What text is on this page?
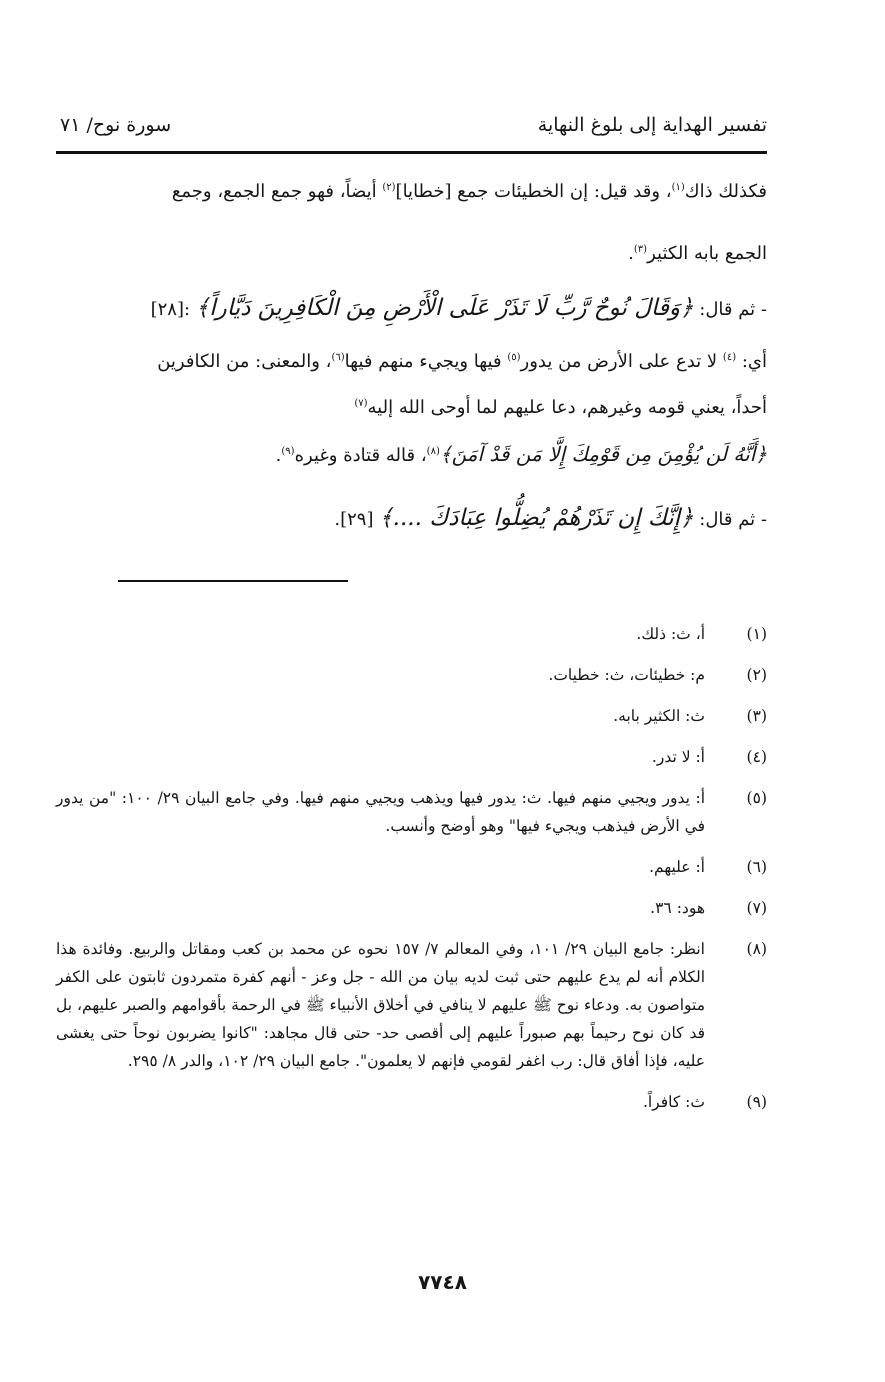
تفسير الهداية إلى بلوغ النهاية
سورة نوح/ ٧١

فكذلك ذاك$^{(١)}$، وقد قيل: إن الخطيئات جمع [خطايا]$^{(٢)}$ أيضاً، فهو جمع الجمع، وجمع

الجمع بابه الكثير$^{(٣)}$.

- ثم قال: ﴿وَقَالَ نُوحٌ رَّبِّ لَا تَذَرْ عَلَى الْأَرْضِ مِنَ الْكَافِرِينَ دَيَّاراً﴾ :[٢٨]

أي: $^{(٤)}$ لا تدع على الأرض من يدور$^{(٥)}$ فيها ويجيء منهم فيها$^{(٦)}$، والمعنى: من الكافرين

أحداً، يعني قومه وغيرهم، دعا عليهم لما أوحى الله إليه$^{(٧)}$

﴿أَنَّهُ لَن يُؤْمِنَ مِن قَوْمِكَ إِلَّا مَن قَدْ آمَنَ﴾$^{(٨)}$، قاله قتادة وغيره$^{(٩)}$.

- ثم قال: ﴿إِنَّكَ إِن تَذَرْهُمْ يُضِلُّوا عِبَادَكَ ....﴾ [٢٩].

(١)
أ، ث: ذلك.

(٢)
م: خطيئات، ث: خطيات.

(٣)
ث: الكثير بابه.

(٤)
أ: لا تدر.

(٥)
أ: يدور ويجيي منهم فيها. ث: يدور فيها ويذهب ويجيي منهم فيها. وفي جامع البيان ٢٩/ ١٠٠: "من يدور في الأرض فيذهب ويجيء فيها" وهو أوضح وأنسب.

(٦)
أ: عليهم.

(٧)
هود: ٣٦.

(٨)
انظر: جامع البيان ٢٩/ ١٠١، وفي المعالم ٧/ ١٥٧ نحوه عن محمد بن كعب ومقاتل والربيع. وفائدة هذا الكلام أنه لم يدع عليهم حتى ثبت لديه بيان من الله - جل وعز - أنهم كفرة متمردون ثابتون على الكفر متواصون به. ودعاء نوح ﷺ عليهم لا ينافي في أخلاق الأنبياء ﷺ في الرحمة بأقوامهم والصبر عليهم، بل قد كان نوح رحيماً بهم صبوراً عليهم إلى أقصى حد- حتى قال مجاهد: "كانوا يضربون نوحاً حتى يغشى عليه، فإذا أفاق قال: رب اغفر لقومي فإنهم لا يعلمون". جامع البيان ٢٩/ ١٠٢، والدر ٨/ ٢٩٥.

(٩)
ث: كافراً.

٧٧٤٨
